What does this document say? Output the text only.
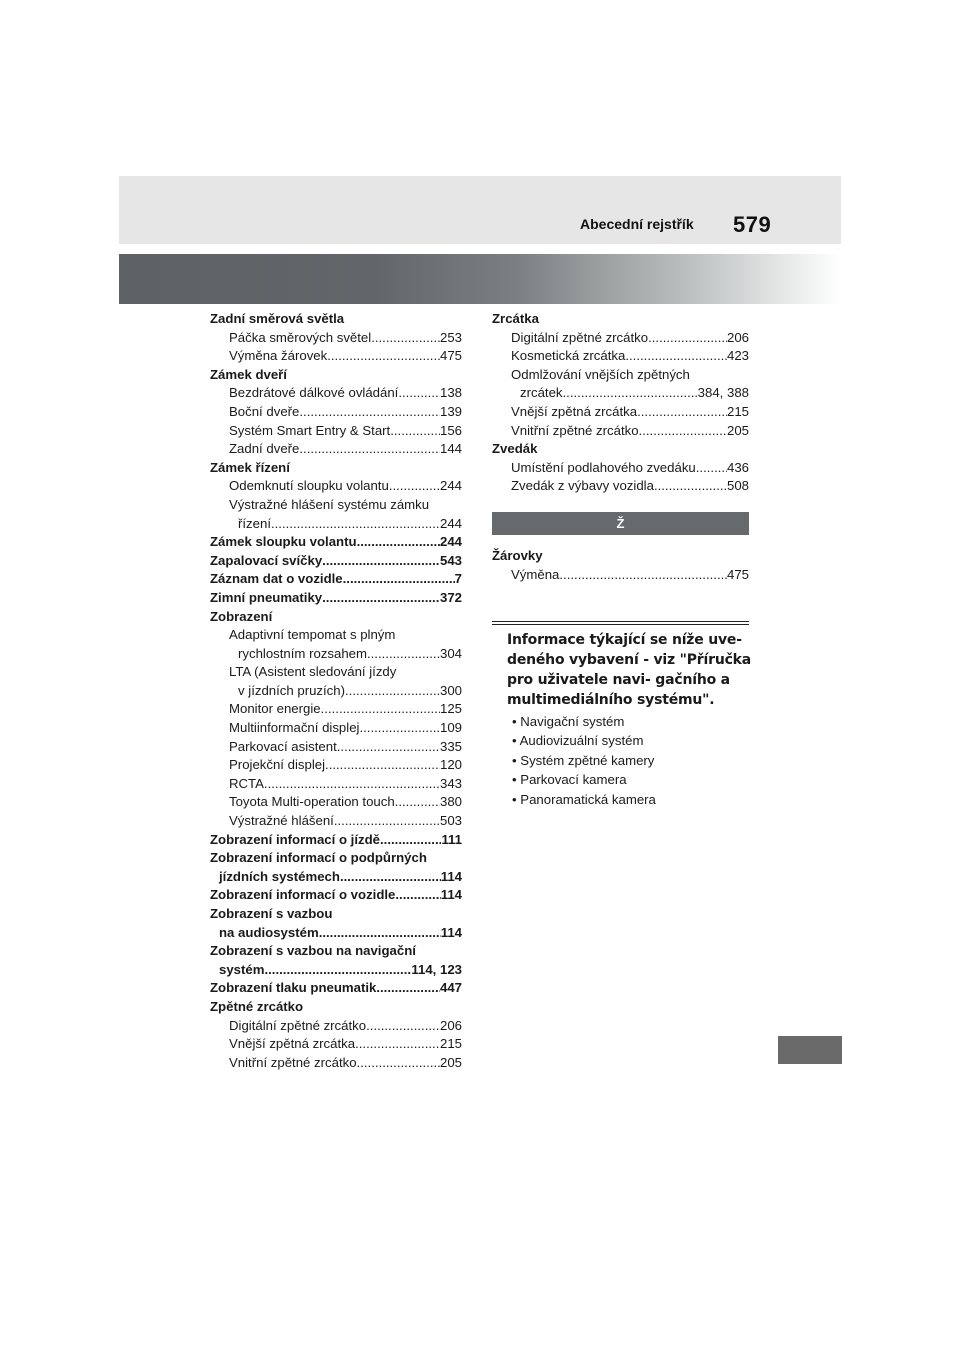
Abecední rejstřík 579
Zadní směrová světla
Páčka směrových světel .....	253
Výměna žárovek .....	475
Zámek dveří
Bezdrátové dálkové ovládání .....	138
Boční dveře .....	139
Systém Smart Entry & Start .....	156
Zadní dveře .....	144
Zámek řízení
Odemknutí sloupku volantu .....	244
Výstražné hlášení systému zámku
řízení .....	244
Zámek sloupku volantu .....	244
Zapalovací svíčky .....	543
Záznam dat o vozidle .....	7
Zimní pneumatiky .....	372
Zobrazení
Adaptivní tempomat s plným
rychlostním rozsahem .....	304
LTA (Asistent sledování jízdy
v jízdních pruzích) .....	300
Monitor energie .....	125
Multiinformační displej .....	109
Parkovací asistent .....	335
Projekční displej .....	120
RCTA .....	343
Toyota Multi-operation touch .....	380
Výstražné hlášení .....	503
Zobrazení informací o jízdě .....	111
Zobrazení informací o podpůrných
jízdních systémech .....	114
Zobrazení informací o vozidle .....	114
Zobrazení s vazbou
na audiosystém .....	114
Zobrazení s vazbou na navigační
systém .....	114, 123
Zobrazení tlaku pneumatik .....	447
Zpětné zrcátko
Digitální zpětné zrcátko .....	206
Vnější zpětná zrcátka .....	215
Vnitřní zpětné zrcátko .....	205
Zrcátka
Digitální zpětné zrcátko .....	206
Kosmetická zrcátka .....	423
Odmlžování vnějších zpětných
zrcátek .....	384, 388
Vnější zpětná zrcátka .....	215
Vnitřní zpětné zrcátko .....	205
Zvedák
Umístění podlahového zvedáku ..... 436
Zvedák z výbavy vozidla .....	508
Ž
Žárovky
Výměna .....	475
Informace týkající se níže uve-deného vybavení - viz "Příručka pro uživatele navi- gačního a multimediálního systému".
• Navigační systém
• Audiovizuální systém
• Systém zpětné kamery
• Parkovací kamera
• Panoramatická kamera
